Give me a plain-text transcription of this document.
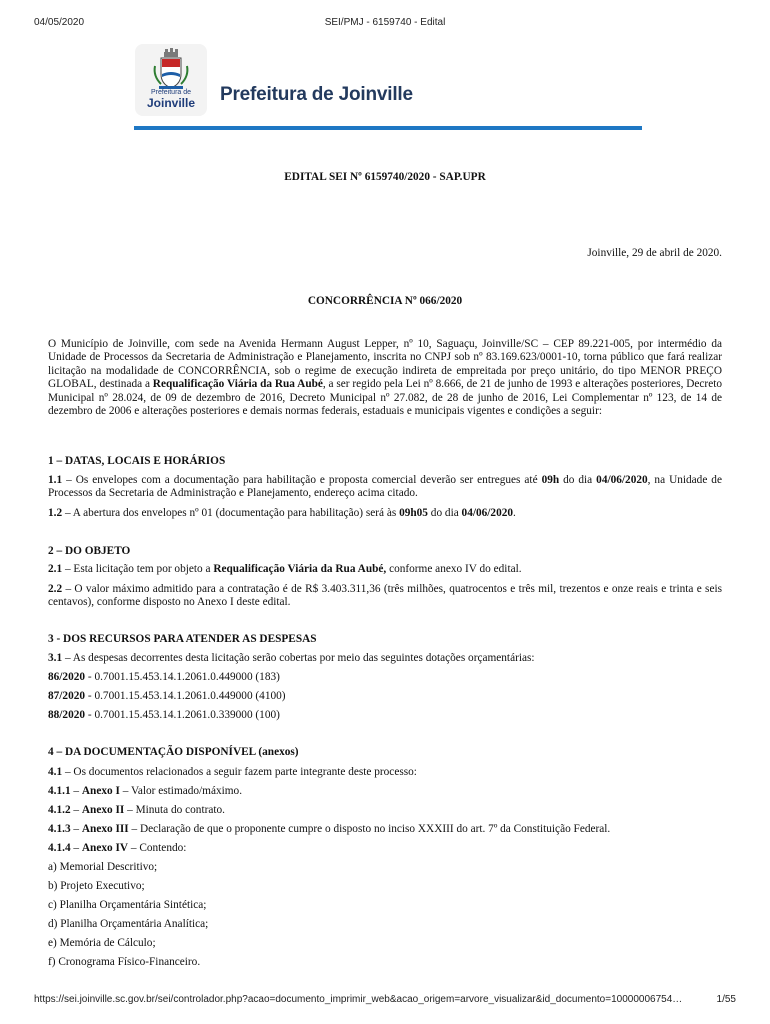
04/05/2020	SEI/PMJ - 6159740 - Edital
Prefeitura de
Joinville	Prefeitura de Joinville
EDITAL SEI Nº 6159740/2020 - SAP.UPR
Joinville, 29 de abril de 2020.
CONCORRÊNCIA Nº 066/2020
O Município de Joinville, com sede na Avenida Hermann August Lepper, nº 10, Saguaçu, Joinville/SC – CEP 89.221-005, por intermédio da Unidade de Processos da Secretaria de Administração e Planejamento, inscrita no CNPJ sob nº 83.169.623/0001-10, torna público que fará realizar licitação na modalidade de CONCORRÊNCIA, sob o regime de execução indireta de empreitada por preço unitário, do tipo MENOR PREÇO GLOBAL, destinada a Requalificação Viária da Rua Aubé, a ser regido pela Lei nº 8.666, de 21 de junho de 1993 e alterações posteriores, Decreto Municipal nº 28.024, de 09 de dezembro de 2016, Decreto Municipal nº 27.082, de 28 de junho de 2016, Lei Complementar nº 123, de 14 de dezembro de 2006 e alterações posteriores e demais normas federais, estaduais e municipais vigentes e condições a seguir:
1 – DATAS, LOCAIS E HORÁRIOS
1.1 – Os envelopes com a documentação para habilitação e proposta comercial deverão ser entregues até 09h do dia 04/06/2020, na Unidade de Processos da Secretaria de Administração e Planejamento, endereço acima citado.
1.2 – A abertura dos envelopes nº 01 (documentação para habilitação) será às 09h05 do dia 04/06/2020.
2 – DO OBJETO
2.1 – Esta licitação tem por objeto a Requalificação Viária da Rua Aubé, conforme anexo IV do edital.
2.2 – O valor máximo admitido para a contratação é de R$ 3.403.311,36 (três milhões, quatrocentos e três mil, trezentos e onze reais e trinta e seis centavos), conforme disposto no Anexo I deste edital.
3 - DOS RECURSOS PARA ATENDER AS DESPESAS
3.1 – As despesas decorrentes desta licitação serão cobertas por meio das seguintes dotações orçamentárias:
86/2020 - 0.7001.15.453.14.1.2061.0.449000 (183)
87/2020 - 0.7001.15.453.14.1.2061.0.449000 (4100)
88/2020 - 0.7001.15.453.14.1.2061.0.339000 (100)
4 – DA DOCUMENTAÇÃO DISPONÍVEL (anexos)
4.1 – Os documentos relacionados a seguir fazem parte integrante deste processo:
4.1.1 – Anexo I – Valor estimado/máximo.
4.1.2 – Anexo II – Minuta do contrato.
4.1.3 – Anexo III – Declaração de que o proponente cumpre o disposto no inciso XXXIII do art. 7º da Constituição Federal.
4.1.4 – Anexo IV – Contendo:
a) Memorial Descritivo;
b) Projeto Executivo;
c) Planilha Orçamentária Sintética;
d) Planilha Orçamentária Analítica;
e) Memória de Cálculo;
f) Cronograma Físico-Financeiro.
https://sei.joinville.sc.gov.br/sei/controlador.php?acao=documento_imprimir_web&acao_origem=arvore_visualizar&id_documento=10000006754…	1/55
